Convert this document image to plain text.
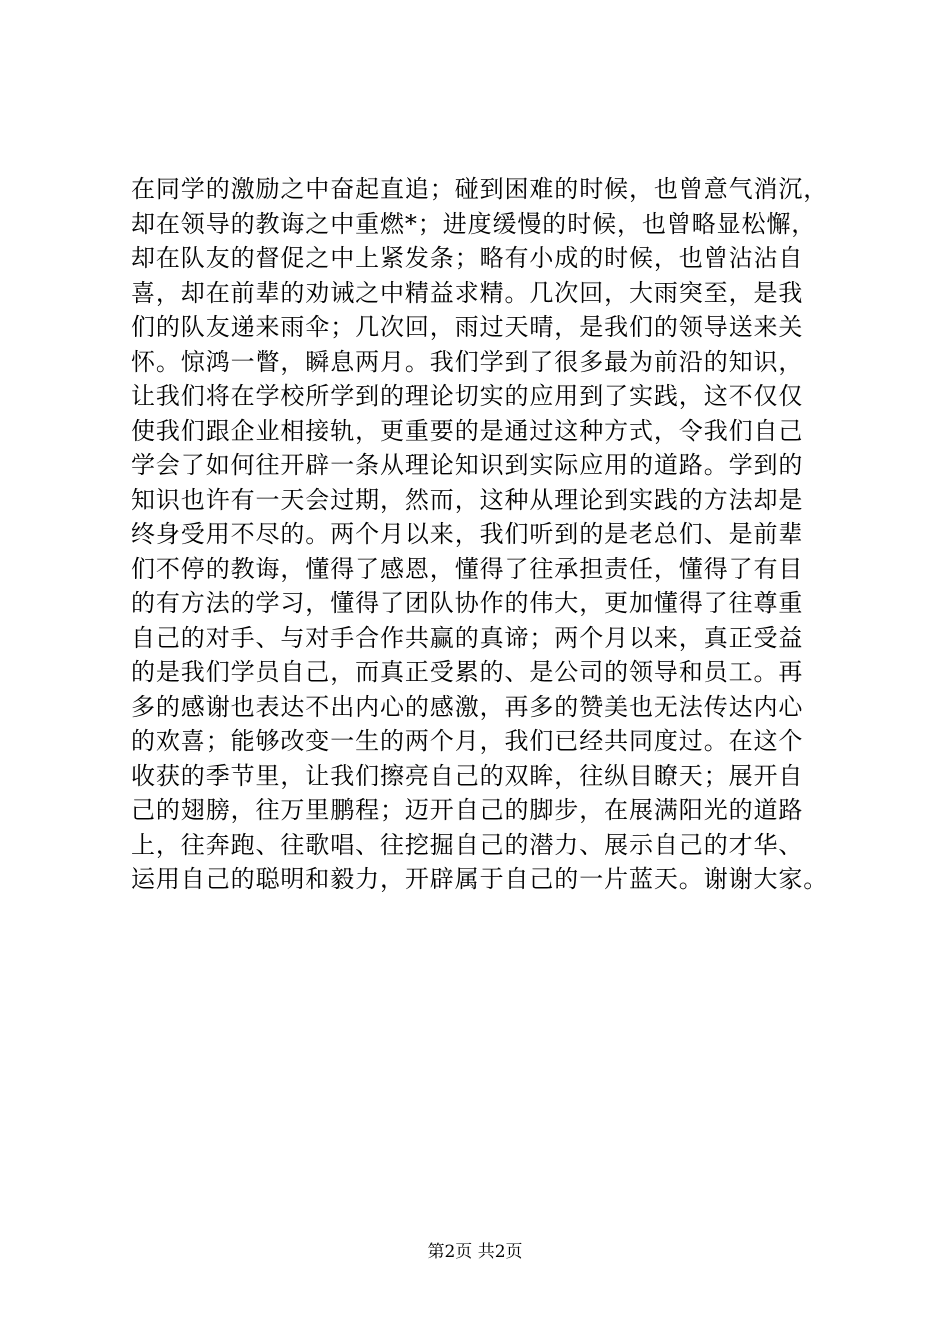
在同学的激励之中奋起直追；碰到困难的时候，也曾意气消沉，
却在领导的教诲之中重燃*；进度缓慢的时候，也曾略显松懈，
却在队友的督促之中上紧发条；略有小成的时候，也曾沾沾自
喜，却在前辈的劝诫之中精益求精。几次回，大雨突至，是我
们的队友递来雨伞；几次回，雨过天晴，是我们的领导送来关
怀。惊鸿一瞥，瞬息两月。我们学到了很多最为前沿的知识，
让我们将在学校所学到的理论切实的应用到了实践，这不仅仅
使我们跟企业相接轨，更重要的是通过这种方式，令我们自己
学会了如何往开辟一条从理论知识到实际应用的道路。学到的
知识也许有一天会过期，然而，这种从理论到实践的方法却是
终身受用不尽的。两个月以来，我们听到的是老总们、是前辈
们不停的教诲，懂得了感恩，懂得了往承担责任，懂得了有目
的有方法的学习，懂得了团队协作的伟大，更加懂得了往尊重
自己的对手、与对手合作共赢的真谛；两个月以来，真正受益
的是我们学员自己，而真正受累的、是公司的领导和员工。再
多的感谢也表达不出内心的感激，再多的赞美也无法传达内心
的欢喜；能够改变一生的两个月，我们已经共同度过。在这个
收获的季节里，让我们擦亮自己的双眸，往纵目瞭天；展开自
己的翅膀，往万里鹏程；迈开自己的脚步，在展满阳光的道路
上，往奔跑、往歌唱、往挖掘自己的潜力、展示自己的才华、
运用自己的聪明和毅力，开辟属于自己的一片蓝天。谢谢大家。
第2页 共2页
